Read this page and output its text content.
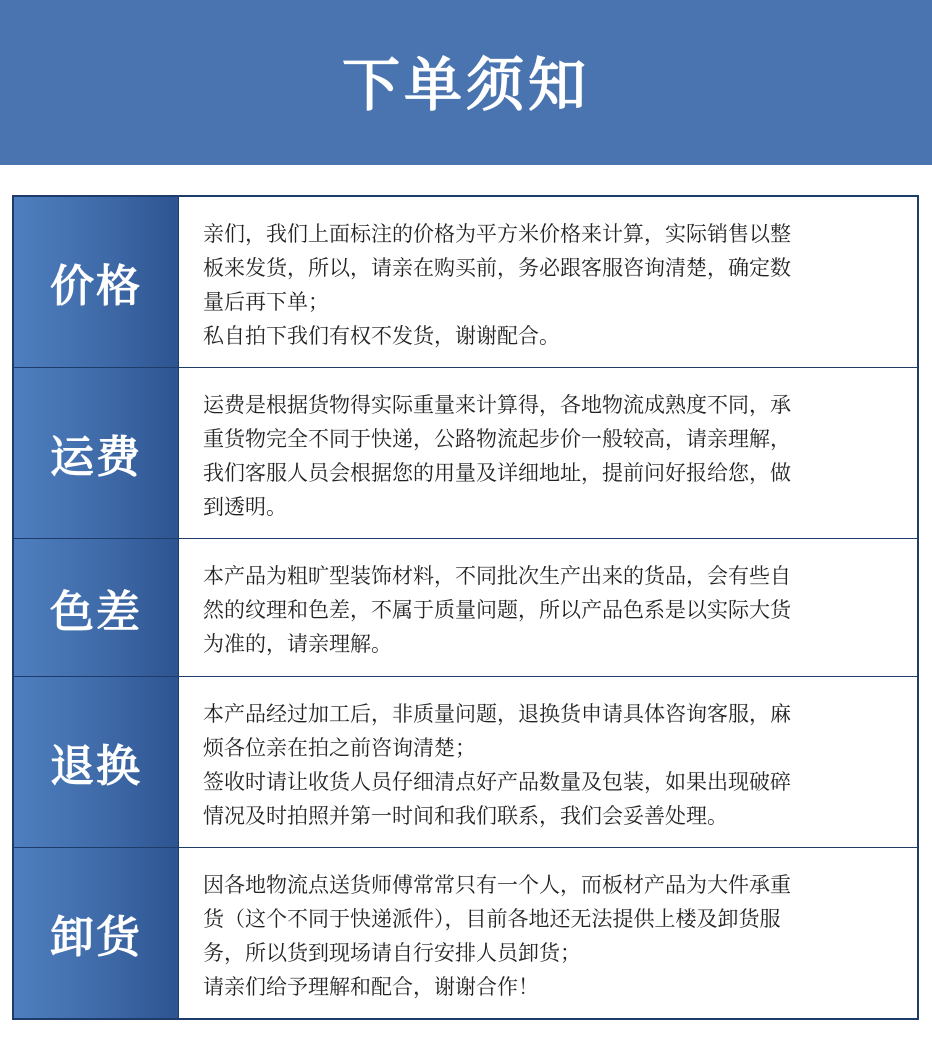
下单须知
价格
亲们，我们上面标注的价格为平方米价格来计算，实际销售以整
板来发货，所以，请亲在购买前，务必跟客服咨询清楚，确定数
量后再下单；
私自拍下我们有权不发货，谢谢配合。
运费
运费是根据货物得实际重量来计算得，各地物流成熟度不同，承
重货物完全不同于快递，公路物流起步价一般较高，请亲理解，
我们客服人员会根据您的用量及详细地址，提前问好报给您，做
到透明。
色差
本产品为粗旷型装饰材料，不同批次生产出来的货品，会有些自
然的纹理和色差，不属于质量问题，所以产品色系是以实际大货
为准的，请亲理解。
退换
本产品经过加工后，非质量问题，退换货申请具体咨询客服，麻
烦各位亲在拍之前咨询清楚；
签收时请让收货人员仔细清点好产品数量及包装，如果出现破碎
情况及时拍照并第一时间和我们联系，我们会妥善处理。
卸货
因各地物流点送货师傅常常只有一个人，而板材产品为大件承重
货（这个不同于快递派件），目前各地还无法提供上楼及卸货服
务，所以货到现场请自行安排人员卸货；
请亲们给予理解和配合，谢谢合作！
